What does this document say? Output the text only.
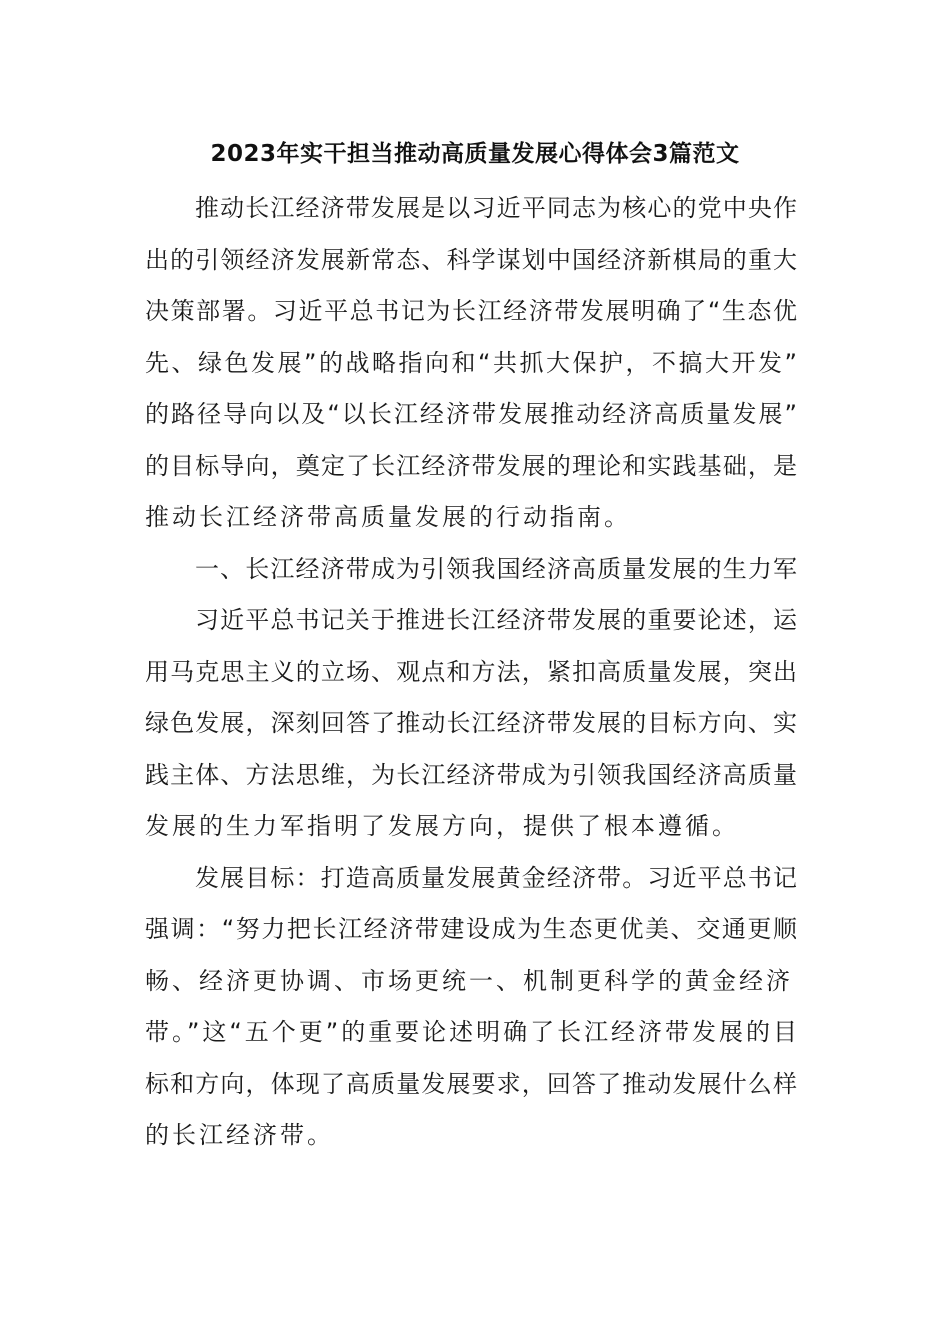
2023年实干担当推动高质量发展心得体会3篇范文
推动长江经济带发展是以习近平同志为核心的党中央作
出的引领经济发展新常态、科学谋划中国经济新棋局的重大
决策部署。习近平总书记为长江经济带发展明确了“生态优
先、绿色发展”的战略指向和“共抓大保护，不搞大开发”
的路径导向以及“以长江经济带发展推动经济高质量发展”
的目标导向，奠定了长江经济带发展的理论和实践基础，是
推动长江经济带高质量发展的行动指南。
一、长江经济带成为引领我国经济高质量发展的生力军
习近平总书记关于推进长江经济带发展的重要论述，运
用马克思主义的立场、观点和方法，紧扣高质量发展，突出
绿色发展，深刻回答了推动长江经济带发展的目标方向、实
践主体、方法思维，为长江经济带成为引领我国经济高质量
发展的生力军指明了发展方向，提供了根本遵循。
发展目标：打造高质量发展黄金经济带。习近平总书记
强调：“努力把长江经济带建设成为生态更优美、交通更顺
畅、经济更协调、市场更统一、机制更科学的黄金经济
带。”这“五个更”的重要论述明确了长江经济带发展的目
标和方向，体现了高质量发展要求，回答了推动发展什么样
的长江经济带。
